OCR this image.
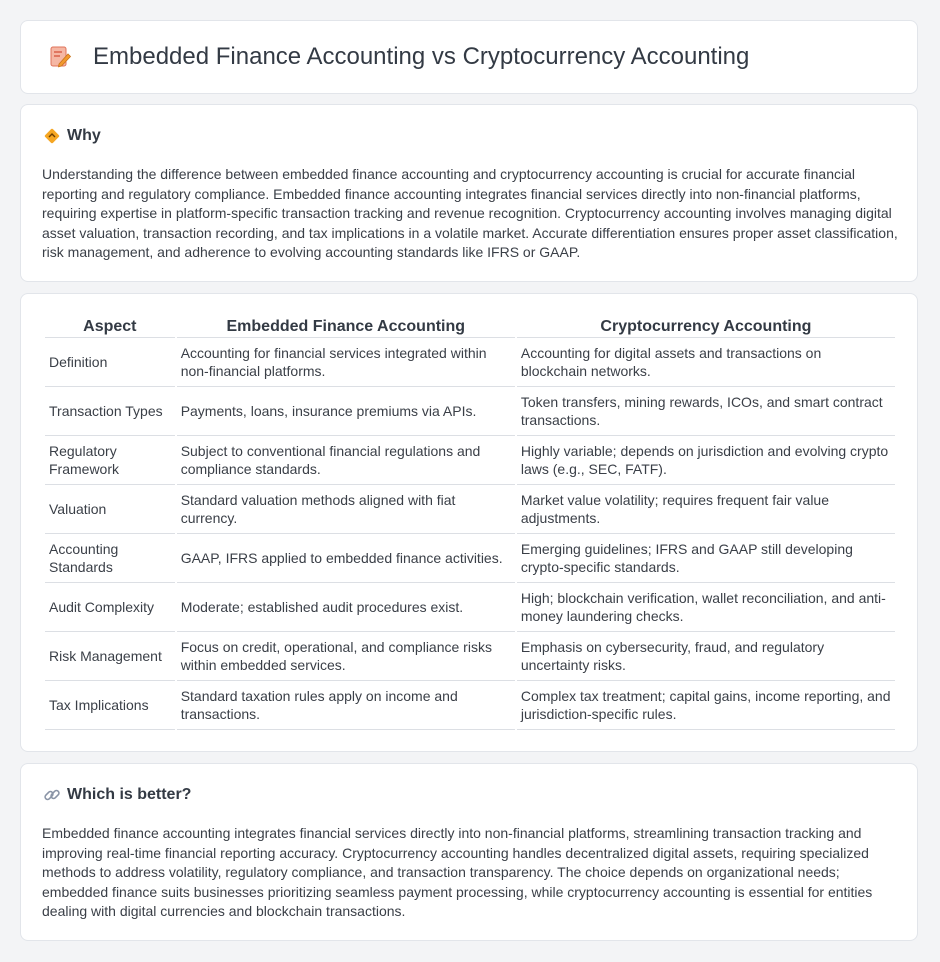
Embedded Finance Accounting vs Cryptocurrency Accounting
Why

Understanding the difference between embedded finance accounting and cryptocurrency accounting is crucial for accurate financial reporting and regulatory compliance. Embedded finance accounting integrates financial services directly into non-financial platforms, requiring expertise in platform-specific transaction tracking and revenue recognition. Cryptocurrency accounting involves managing digital asset valuation, transaction recording, and tax implications in a volatile market. Accurate differentiation ensures proper asset classification, risk management, and adherence to evolving accounting standards like IFRS or GAAP.

Aspect	Embedded Finance Accounting	Cryptocurrency Accounting
Definition	Accounting for financial services integrated within non-financial platforms.	Accounting for digital assets and transactions on blockchain networks.
Transaction Types	Payments, loans, insurance premiums via APIs.	Token transfers, mining rewards, ICOs, and smart contract transactions.
Regulatory Framework	Subject to conventional financial regulations and compliance standards.	Highly variable; depends on jurisdiction and evolving crypto laws (e.g., SEC, FATF).
Valuation	Standard valuation methods aligned with fiat currency.	Market value volatility; requires frequent fair value adjustments.
Accounting Standards	GAAP, IFRS applied to embedded finance activities.	Emerging guidelines; IFRS and GAAP still developing crypto-specific standards.
Audit Complexity	Moderate; established audit procedures exist.	High; blockchain verification, wallet reconciliation, and anti-money laundering checks.
Risk Management	Focus on credit, operational, and compliance risks within embedded services.	Emphasis on cybersecurity, fraud, and regulatory uncertainty risks.
Tax Implications	Standard taxation rules apply on income and transactions.	Complex tax treatment; capital gains, income reporting, and jurisdiction-specific rules.
Which is better?

Embedded finance accounting integrates financial services directly into non-financial platforms, streamlining transaction tracking and improving real-time financial reporting accuracy. Cryptocurrency accounting handles decentralized digital assets, requiring specialized methods to address volatility, regulatory compliance, and transaction transparency. The choice depends on organizational needs; embedded finance suits businesses prioritizing seamless payment processing, while cryptocurrency accounting is essential for entities dealing with digital currencies and blockchain transactions.
